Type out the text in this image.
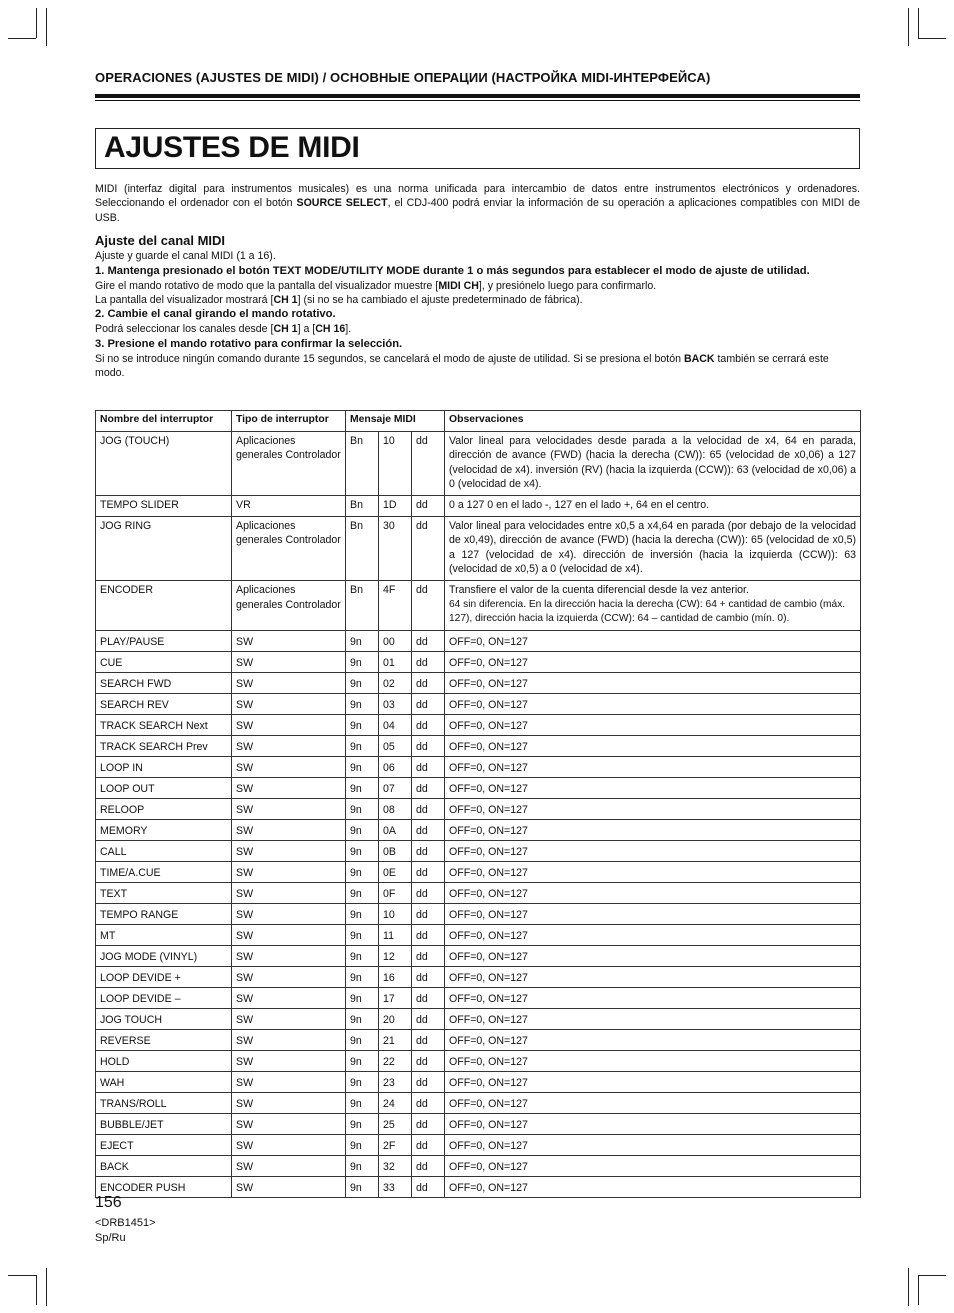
OPERACIONES (AJUSTES DE MIDI) / ОСНОВНЫЕ ОПЕРАЦИИ (НАСТРОЙКА MIDI-ИНТЕРФЕЙСА)
AJUSTES DE MIDI

MIDI (interfaz digital para instrumentos musicales) es una norma unificada para intercambio de datos entre instrumentos electrónicos y ordenadores. Seleccionando el ordenador con el botón SOURCE SELECT, el CDJ-400 podrá enviar la información de su operación a aplicaciones compatibles con MIDI de USB.

Ajuste del canal MIDI

Ajuste y guarde el canal MIDI (1 a 16).

1. Mantenga presionado el botón TEXT MODE/UTILITY MODE durante 1 o más segundos para establecer el modo de ajuste de utilidad.

Gire el mando rotativo de modo que la pantalla del visualizador muestre [MIDI CH], y presiónelo luego para confirmarlo.

La pantalla del visualizador mostrará [CH 1] (si no se ha cambiado el ajuste predeterminado de fábrica).

2. Cambie el canal girando el mando rotativo.

Podrá seleccionar los canales desde [CH 1] a [CH 16].

3. Presione el mando rotativo para confirmar la selección.

Si no se introduce ningún comando durante 15 segundos, se cancelará el modo de ajuste de utilidad. Si se presiona el botón BACK también se cerrará este modo.

Nombre del interruptor	Tipo de interruptor	Mensaje MIDI			Observaciones
JOG (TOUCH)	Aplicaciones generales Controlador	Bn	10	dd	Valor lineal para velocidades desde parada a la velocidad de x4, 64 en parada, dirección de avance (FWD) (hacia la derecha (CW)): 65 (velocidad de x0,06) a 127 (velocidad de x4). inversión (RV) (hacia la izquierda (CCW)): 63 (velocidad de x0,06) a 0 (velocidad de x4).

TEMPO SLIDER	VR	Bn	1D	dd	0 a 127 0 en el lado -, 127 en el lado +, 64 en el centro.

JOG RING	Aplicaciones generales Controlador	Bn	30	dd	Valor lineal para velocidades entre x0,5 a x4,64 en parada (por debajo de la velocidad de x0,49), dirección de avance (FWD) (hacia la derecha (CW)): 65 (velocidad de x0,5) a 127 (velocidad de x4). dirección de inversión (hacia la izquierda (CCW)): 63 (velocidad de x0,5) a 0 (velocidad de x4).

ENCODER	Aplicaciones generales Controlador	Bn	4F	dd	Transfiere el valor de la cuenta diferencial desde la vez anterior.
64 sin diferencia. En la dirección hacia la derecha (CW): 64 + cantidad de cambio (máx. 127), dirección hacia la izquierda (CCW): 64 – cantidad de cambio (mín. 0).

PLAY/PAUSE	SW	9n	00	dd	OFF=0, ON=127

CUE	SW	9n	01	dd	OFF=0, ON=127

SEARCH FWD	SW	9n	02	dd	OFF=0, ON=127

SEARCH REV	SW	9n	03	dd	OFF=0, ON=127

TRACK SEARCH Next	SW	9n	04	dd	OFF=0, ON=127

TRACK SEARCH Prev	SW	9n	05	dd	OFF=0, ON=127

LOOP IN	SW	9n	06	dd	OFF=0, ON=127

LOOP OUT	SW	9n	07	dd	OFF=0, ON=127

RELOOP	SW	9n	08	dd	OFF=0, ON=127

MEMORY	SW	9n	0A	dd	OFF=0, ON=127

CALL	SW	9n	0B	dd	OFF=0, ON=127

TIME/A.CUE	SW	9n	0E	dd	OFF=0, ON=127

TEXT	SW	9n	0F	dd	OFF=0, ON=127

TEMPO RANGE	SW	9n	10	dd	OFF=0, ON=127

MT	SW	9n	11	dd	OFF=0, ON=127

JOG MODE (VINYL)	SW	9n	12	dd	OFF=0, ON=127

LOOP DEVIDE +	SW	9n	16	dd	OFF=0, ON=127

LOOP DEVIDE –	SW	9n	17	dd	OFF=0, ON=127

JOG TOUCH	SW	9n	20	dd	OFF=0, ON=127

REVERSE	SW	9n	21	dd	OFF=0, ON=127

HOLD	SW	9n	22	dd	OFF=0, ON=127

WAH	SW	9n	23	dd	OFF=0, ON=127

TRANS/ROLL	SW	9n	24	dd	OFF=0, ON=127

BUBBLE/JET	SW	9n	25	dd	OFF=0, ON=127

EJECT	SW	9n	2F	dd	OFF=0, ON=127

BACK	SW	9n	32	dd	OFF=0, ON=127

ENCODER PUSH	SW	9n	33	dd	OFF=0, ON=127
156
<DRB1451>
Sp/Ru
